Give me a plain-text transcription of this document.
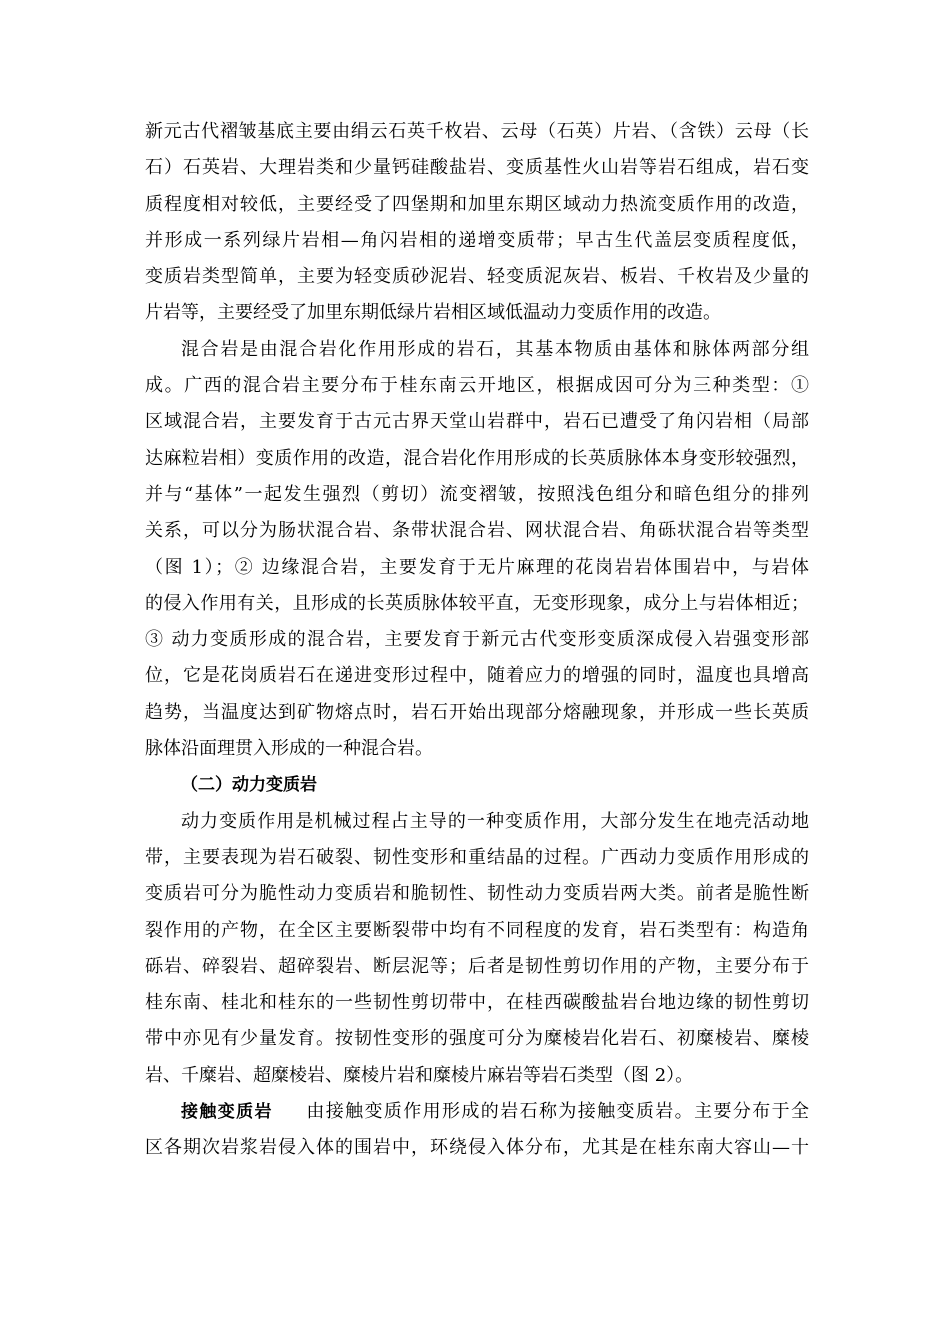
新元古代褶皱基底主要由绢云石英千枚岩、云母（石英）片岩、（含铁）云母（长
石）石英岩、大理岩类和少量钙硅酸盐岩、变质基性火山岩等岩石组成，岩石变
质程度相对较低，主要经受了四堡期和加里东期区域动力热流变质作用的改造，
并形成一系列绿片岩相—角闪岩相的递增变质带；早古生代盖层变质程度低，
变质岩类型简单，主要为轻变质砂泥岩、轻变质泥灰岩、板岩、千枚岩及少量的
片岩等，主要经受了加里东期低绿片岩相区域低温动力变质作用的改造。
混合岩是由混合岩化作用形成的岩石，其基本物质由基体和脉体两部分组
成。广西的混合岩主要分布于桂东南云开地区，根据成因可分为三种类型：①
区域混合岩，主要发育于古元古界天堂山岩群中，岩石已遭受了角闪岩相（局部
达麻粒岩相）变质作用的改造，混合岩化作用形成的长英质脉体本身变形较强烈，
并与“基体”一起发生强烈（剪切）流变褶皱，按照浅色组分和暗色组分的排列
关系，可以分为肠状混合岩、条带状混合岩、网状混合岩、角砾状混合岩等类型
（图 1）；② 边缘混合岩，主要发育于无片麻理的花岗岩岩体围岩中，与岩体
的侵入作用有关，且形成的长英质脉体较平直，无变形现象，成分上与岩体相近；
③ 动力变质形成的混合岩，主要发育于新元古代变形变质深成侵入岩强变形部
位，它是花岗质岩石在递进变形过程中，随着应力的增强的同时，温度也具增高
趋势，当温度达到矿物熔点时，岩石开始出现部分熔融现象，并形成一些长英质
脉体沿面理贯入形成的一种混合岩。
（二）动力变质岩
动力变质作用是机械过程占主导的一种变质作用，大部分发生在地壳活动地
带，主要表现为岩石破裂、韧性变形和重结晶的过程。广西动力变质作用形成的
变质岩可分为脆性动力变质岩和脆韧性、韧性动力变质岩两大类。前者是脆性断
裂作用的产物，在全区主要断裂带中均有不同程度的发育，岩石类型有：构造角
砾岩、碎裂岩、超碎裂岩、断层泥等；后者是韧性剪切作用的产物，主要分布于
桂东南、桂北和桂东的一些韧性剪切带中，在桂西碳酸盐岩台地边缘的韧性剪切
带中亦见有少量发育。按韧性变形的强度可分为糜棱岩化岩石、初糜棱岩、糜棱
岩、千糜岩、超糜棱岩、糜棱片岩和糜棱片麻岩等岩石类型（图 2）。
接触变质岩 由接触变质作用形成的岩石称为接触变质岩。主要分布于全
区各期次岩浆岩侵入体的围岩中，环绕侵入体分布，尤其是在桂东南大容山—十
